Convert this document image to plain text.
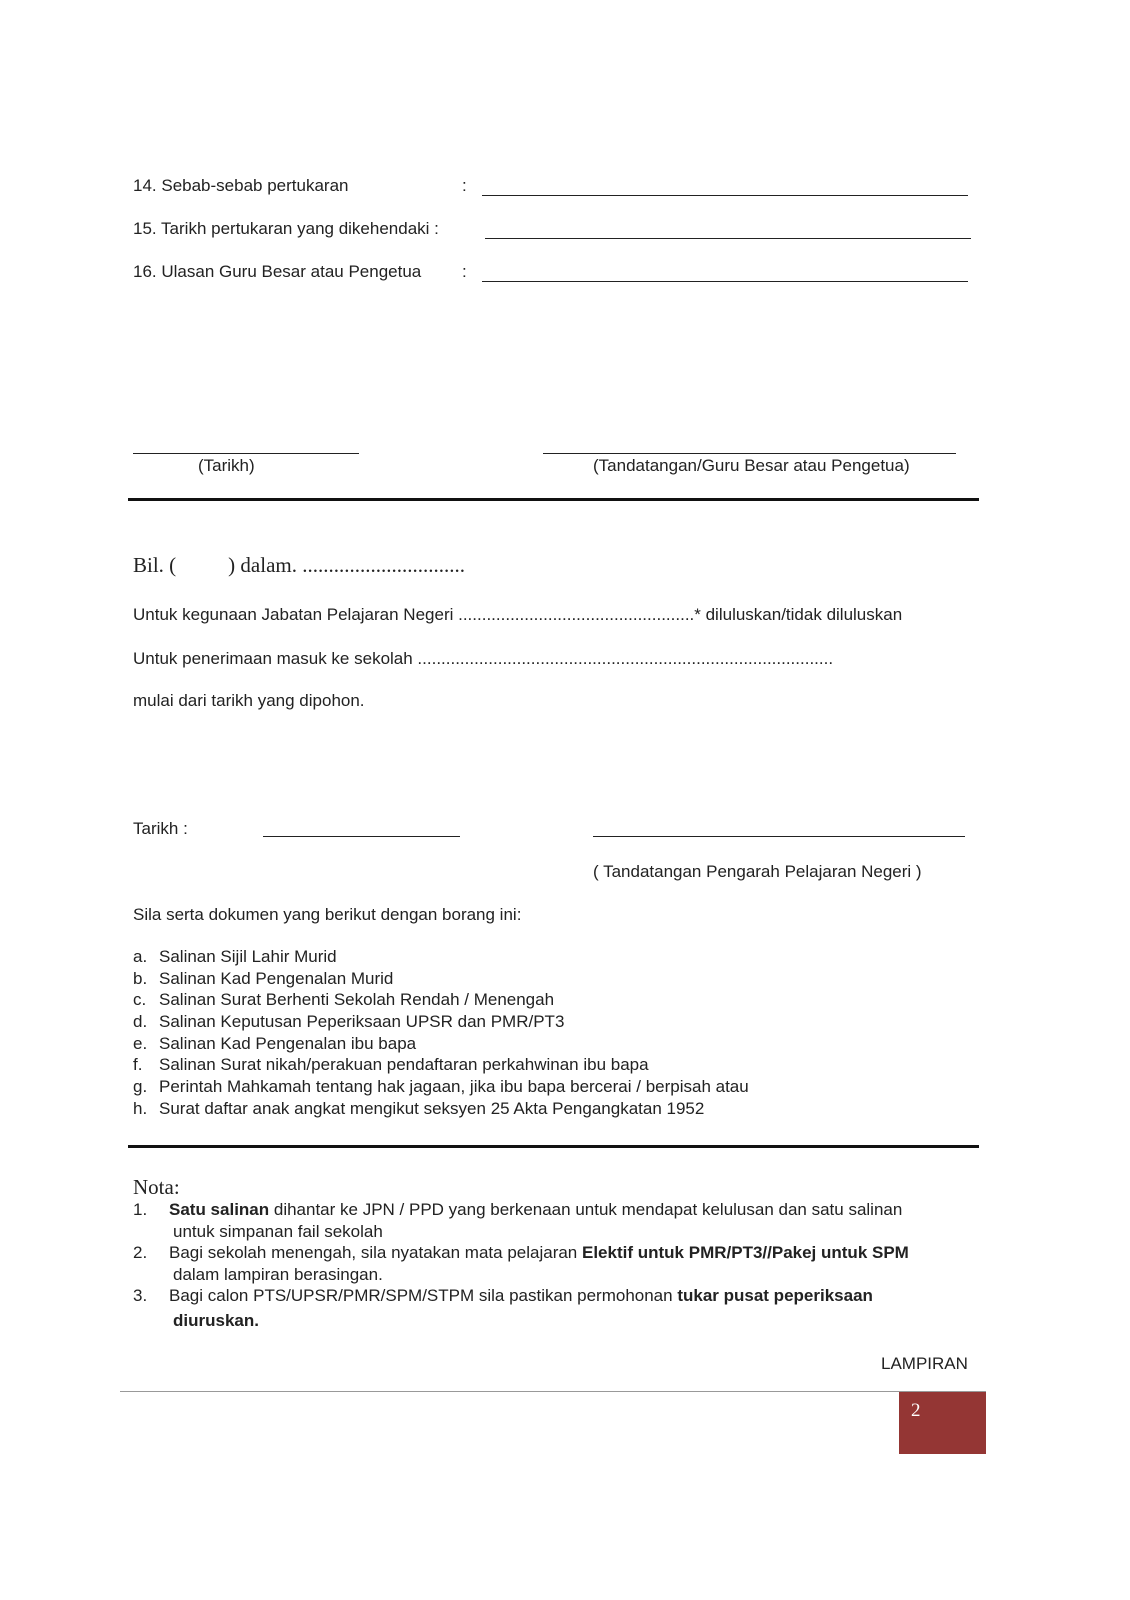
14. Sebab-sebab pertukaran	:
15. Tarikh pertukaran yang dikehendaki :
16. Ulasan Guru Besar atau Pengetua :
(Tarikh)	(Tandatangan/Guru Besar atau Pengetua)
Bil. ( ) dalam. ...............................
Untuk kegunaan Jabatan Pelajaran Negeri ..................................................* diluluskan/tidak diluluskan
Untuk penerimaan masuk ke sekolah ........................................................................................
mulai dari tarikh yang dipohon.
Tarikh :
( Tandatangan Pengarah Pelajaran Negeri )
Sila serta dokumen yang berikut dengan borang ini:
a. Salinan Sijil Lahir Murid
b. Salinan Kad Pengenalan Murid
c. Salinan Surat Berhenti Sekolah Rendah / Menengah
d. Salinan Keputusan Peperiksaan UPSR dan PMR/PT3
e. Salinan Kad Pengenalan ibu bapa
f. Salinan Surat nikah/perakuan pendaftaran perkahwinan ibu bapa
g. Perintah Mahkamah tentang hak jagaan, jika ibu bapa bercerai / berpisah atau
h. Surat daftar anak angkat mengikut seksyen 25 Akta Pengangkatan 1952
Nota:
1.	Satu salinan dihantar ke JPN / PPD yang berkenaan untuk mendapat kelulusan dan satu salinan
untuk simpanan fail sekolah
2.	Bagi sekolah menengah, sila nyatakan mata pelajaran Elektif untuk PMR/PT3//Pakej untuk SPM
dalam lampiran berasingan.
3.	Bagi calon PTS/UPSR/PMR/SPM/STPM sila pastikan permohonan tukar pusat peperiksaan
diuruskan.
LAMPIRAN
2
